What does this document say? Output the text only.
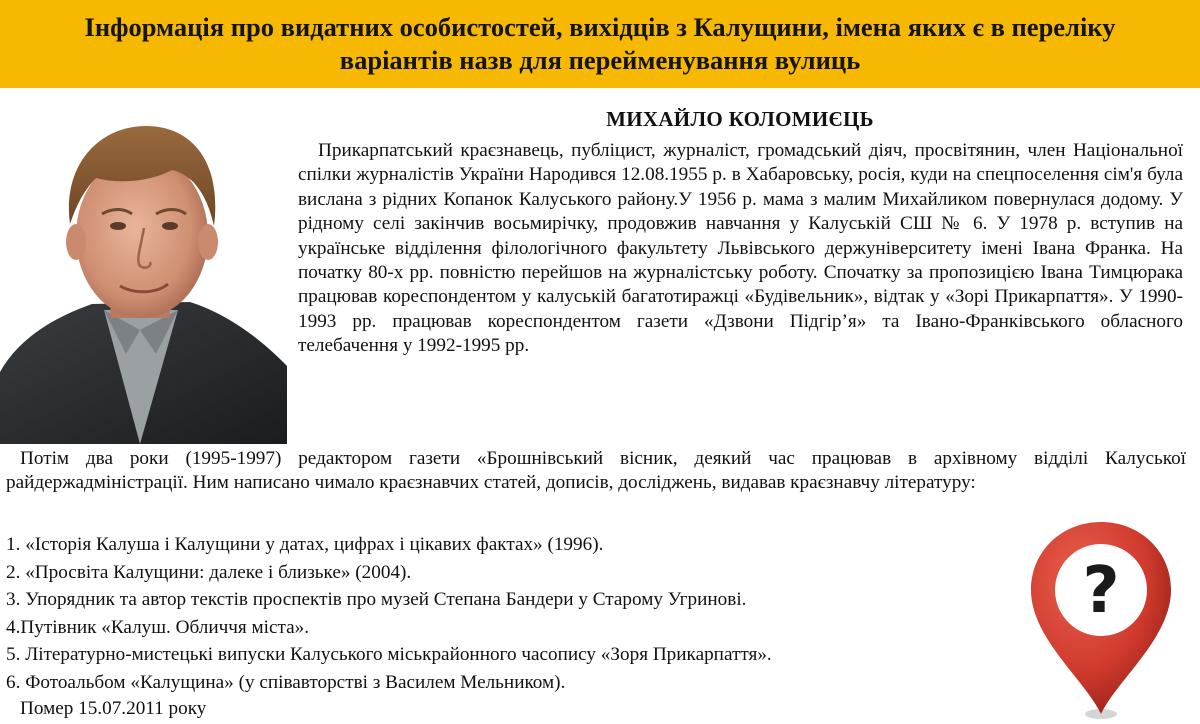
Інформація про видатних особистостей, вихідців з Калущини, імена яких є в переліку
варіантів назв для перейменування вулиць
МИХАЙЛО КОЛОМИЄЦЬ
Прикарпатський краєзнавець, публіцист, журналіст, громадський діяч, просвітянин, член Національної спілки журналістів України Народився 12.08.1955 р. в Хабаровську, росія, куди на спецпоселення сім'я була вислана з рідних Копанок Калуського району.У 1956 р. мама з малим Михайликом повернулася додому. У рідному селі закінчив восьмирічку, продовжив навчання у Калуській СШ № 6. У 1978 р. вступив на українське відділення філологічного факультету Львівського держуніверситету імені Івана Франка. На початку 80-х рр. повністю перейшов на журналістську роботу. Спочатку за пропозицією Івана Тимцюрака працював кореспондентом у калуській багатотиражці «Будівельник», відтак у «Зорі Прикарпаття». У 1990-1993 рр. працював кореспондентом газети «Дзвони Підгір’я» та Івано-Франківського обласного телебачення у 1992-1995 рр.
Потім два роки (1995-1997) редактором газети «Брошнівський вісник, деякий час працював в архівному відділі Калуської райдержадміністрації. Ним написано чимало краєзнавчих статей, дописів, досліджень, видавав краєзнавчу літературу:
1. «Історія Калуша і Калущини у датах, цифрах і цікавих фактах» (1996).
2. «Просвіта Калущини: далеке і близьке» (2004).
3. Упорядник та автор текстів проспектів про музей Степана Бандери у Старому Угринові.
4.Путівник «Калуш. Обличчя міста».
5. Літературно-мистецькі випуски Калуського міськрайонного часопису «Зоря Прикарпаття».
6. Фотоальбом «Калущина» (у співавторстві з Василем Мельником).
Помер 15.07.2011 року
?
